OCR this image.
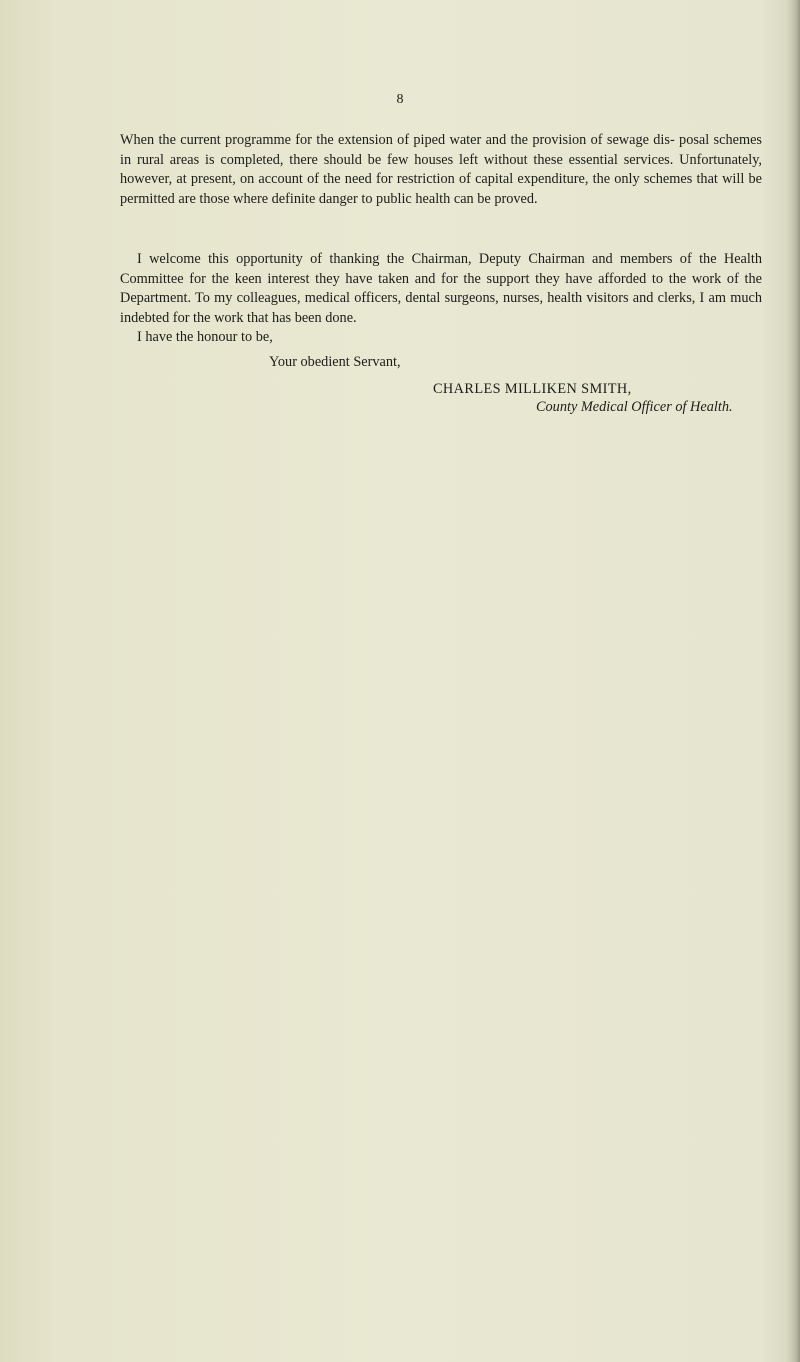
8

When the current programme for the extension of piped water and the provision of sewage dis- posal schemes in rural areas is completed, there should be few houses left without these essential services. Unfortunately, however, at present, on account of the need for restriction of capital expenditure, the only schemes that will be permitted are those where definite danger to public health can be proved.

I welcome this opportunity of thanking the Chairman, Deputy Chairman and members of the Health Committee for the keen interest they have taken and for the support they have afforded to the work of the Department. To my colleagues, medical officers, dental surgeons, nurses, health visitors and clerks, I am much indebted for the work that has been done.

I have the honour to be,

Your obedient Servant,

CHARLES MILLIKEN SMITH,

County Medical Officer of Health.
